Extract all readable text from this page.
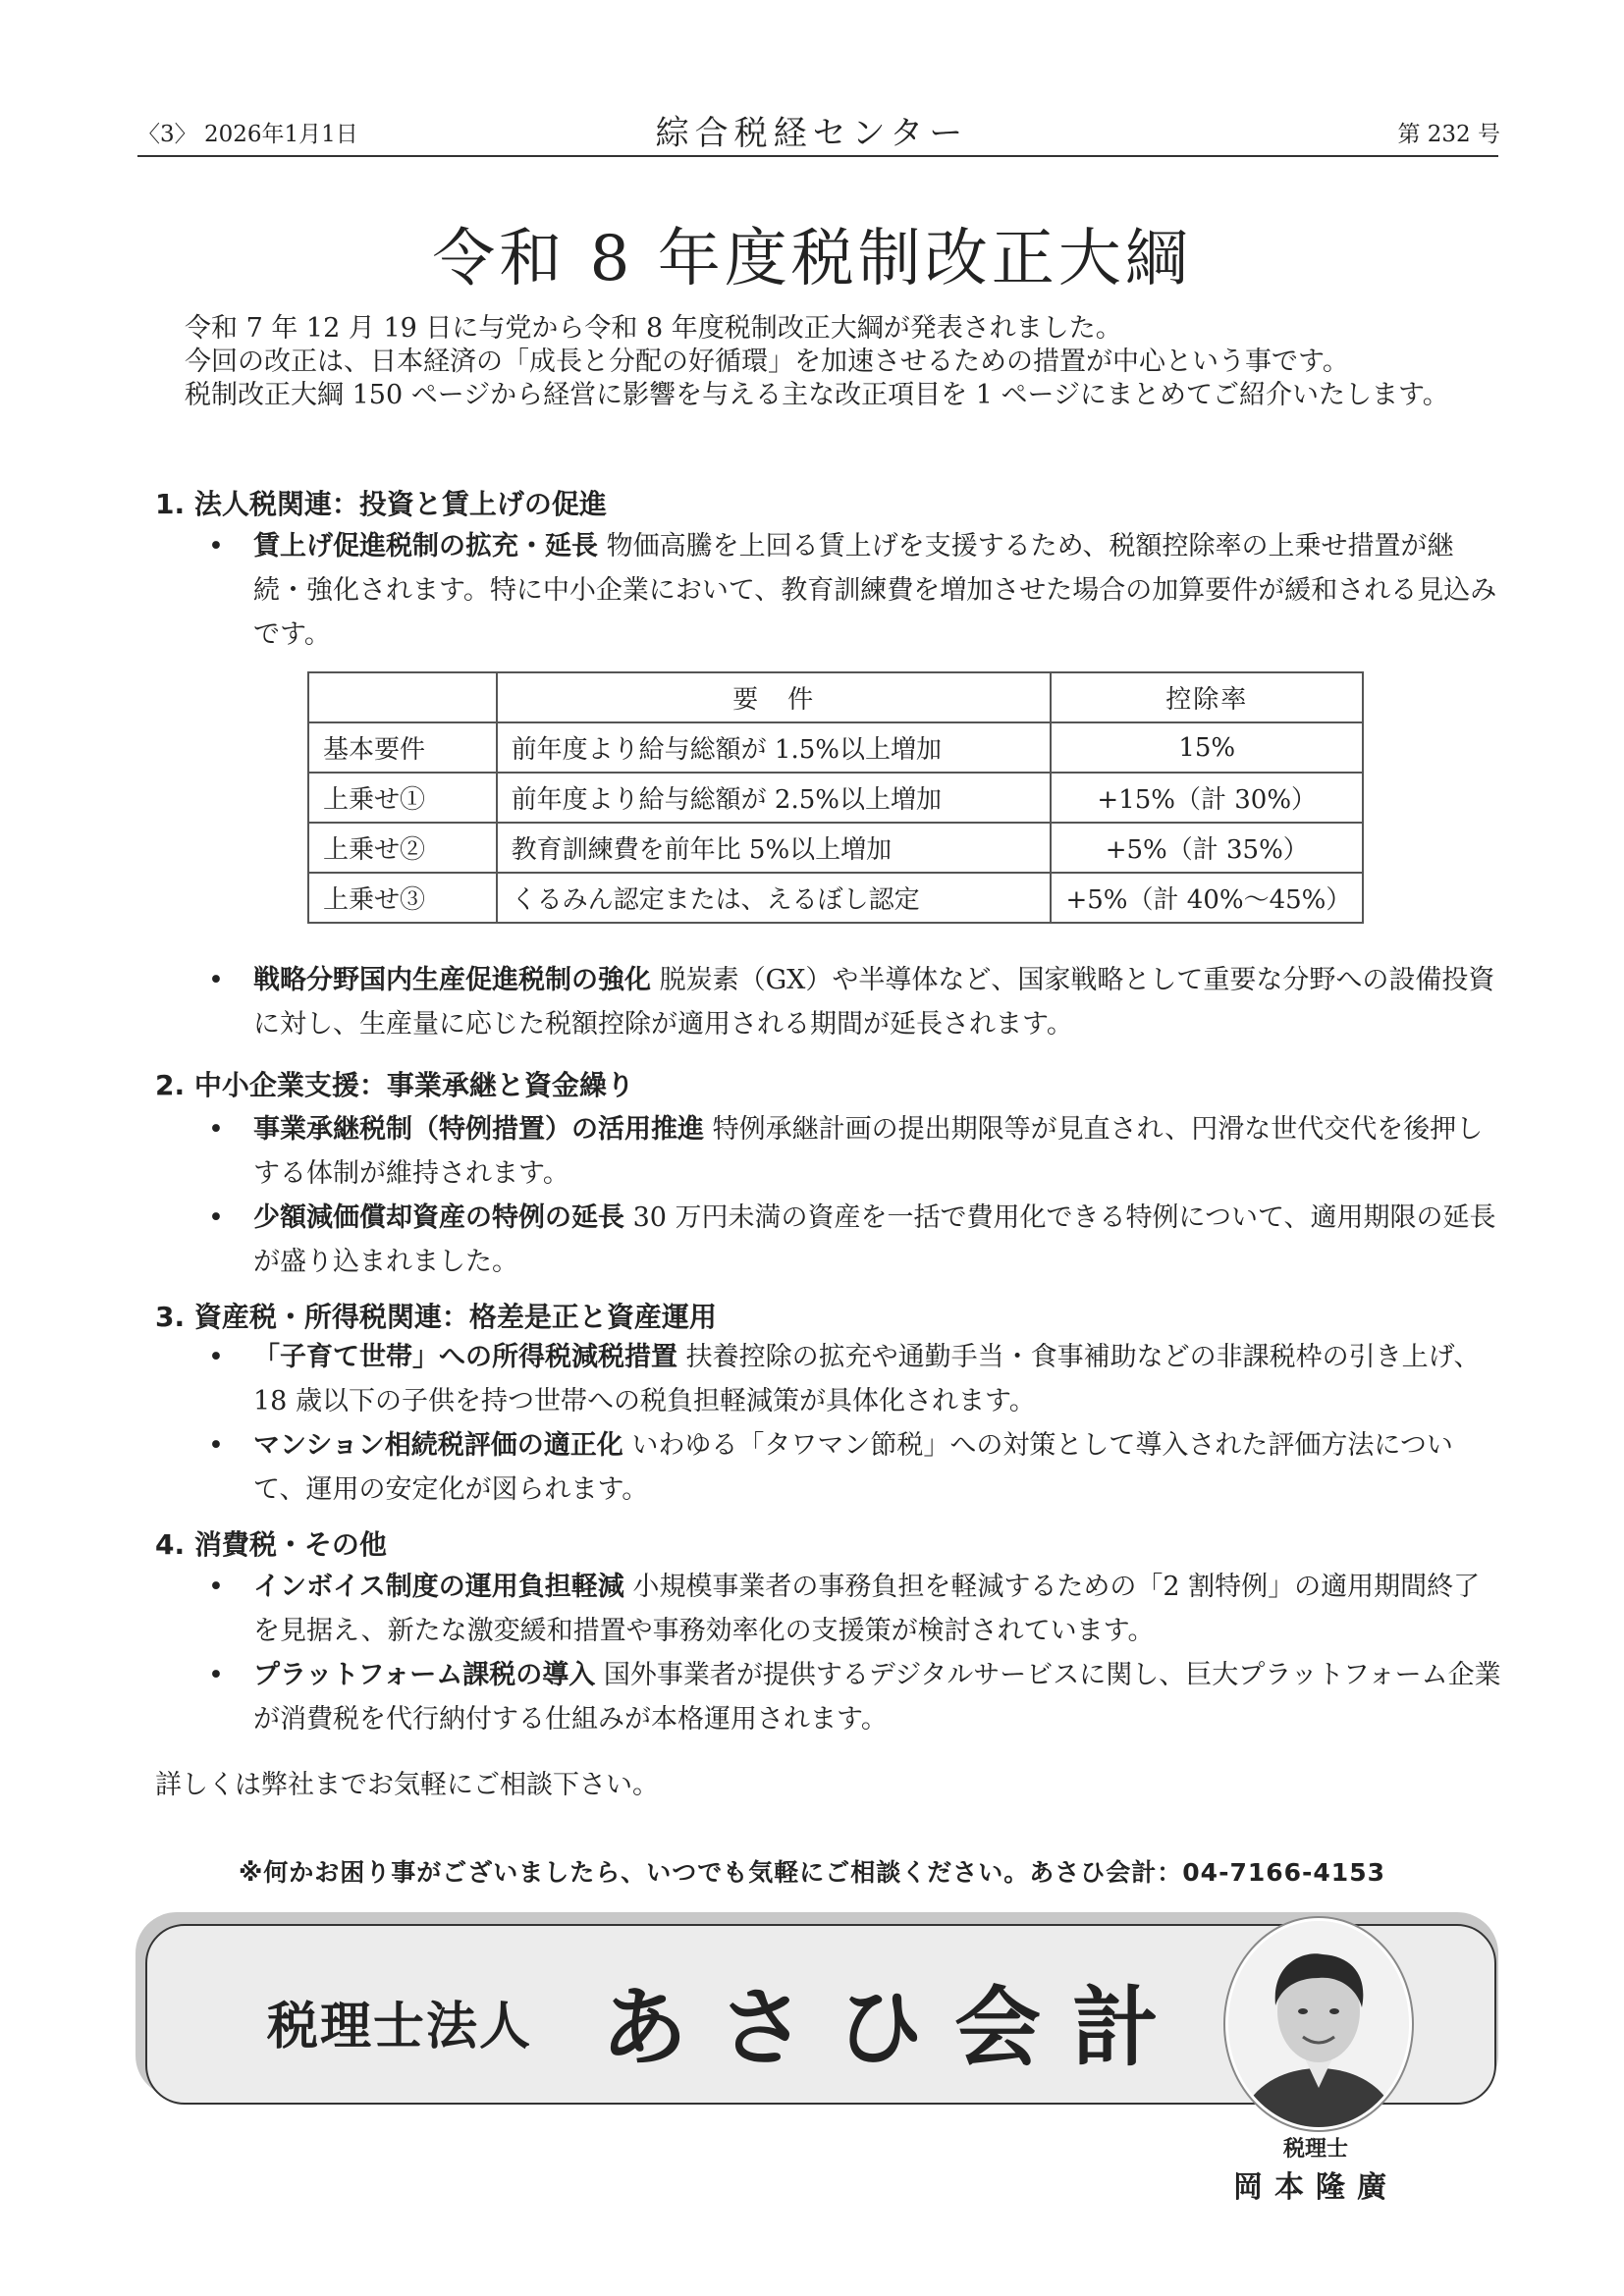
〈3〉 2026年1月1日	綜合税経センター	第 232 号
令和 8 年度税制改正大綱
令和 7 年 12 月 19 日に与党から令和 8 年度税制改正大綱が発表されました。
今回の改正は、日本経済の「成長と分配の好循環」を加速させるための措置が中心という事です。
税制改正大綱 150 ページから経営に影響を与える主な改正項目を 1 ページにまとめてご紹介いたします。
1. 法人税関連：投資と賃上げの促進
•	賃上げ促進税制の拡充・延長 物価高騰を上回る賃上げを支援するため、税額控除率の上乗せ措置が継続・強化されます。特に中小企業において、教育訓練費を増加させた場合の加算要件が緩和される見込みです。
	要　件	控除率
基本要件	前年度より給与総額が 1.5%以上増加	15%
上乗せ①	前年度より給与総額が 2.5%以上増加	+15%（計 30%）
上乗せ②	教育訓練費を前年比 5%以上増加	+5%（計 35%）
上乗せ③	くるみん認定または、えるぼし認定	+5%（計 40%〜45%）
•	戦略分野国内生産促進税制の強化 脱炭素（GX）や半導体など、国家戦略として重要な分野への設備投資に対し、生産量に応じた税額控除が適用される期間が延長されます。
2. 中小企業支援：事業承継と資金繰り
•	事業承継税制（特例措置）の活用推進 特例承継計画の提出期限等が見直され、円滑な世代交代を後押しする体制が維持されます。
•	少額減価償却資産の特例の延長 30 万円未満の資産を一括で費用化できる特例について、適用期限の延長が盛り込まれました。
3. 資産税・所得税関連：格差是正と資産運用
•	「子育て世帯」への所得税減税措置 扶養控除の拡充や通勤手当・食事補助などの非課税枠の引き上げ、18 歳以下の子供を持つ世帯への税負担軽減策が具体化されます。
•	マンション相続税評価の適正化 いわゆる「タワマン節税」への対策として導入された評価方法について、運用の安定化が図られます。
4. 消費税・その他
•	インボイス制度の運用負担軽減 小規模事業者の事務負担を軽減するための「2 割特例」の適用期間終了を見据え、新たな激変緩和措置や事務効率化の支援策が検討されています。
•	プラットフォーム課税の導入 国外事業者が提供するデジタルサービスに関し、巨大プラットフォーム企業が消費税を代行納付する仕組みが本格運用されます。
詳しくは弊社までお気軽にご相談下さい。
※何かお困り事がございましたら、いつでも気軽にご相談ください。あさひ会計：04-7166-4153
税理士法人 あさひ会計
税理士
岡本隆廣
